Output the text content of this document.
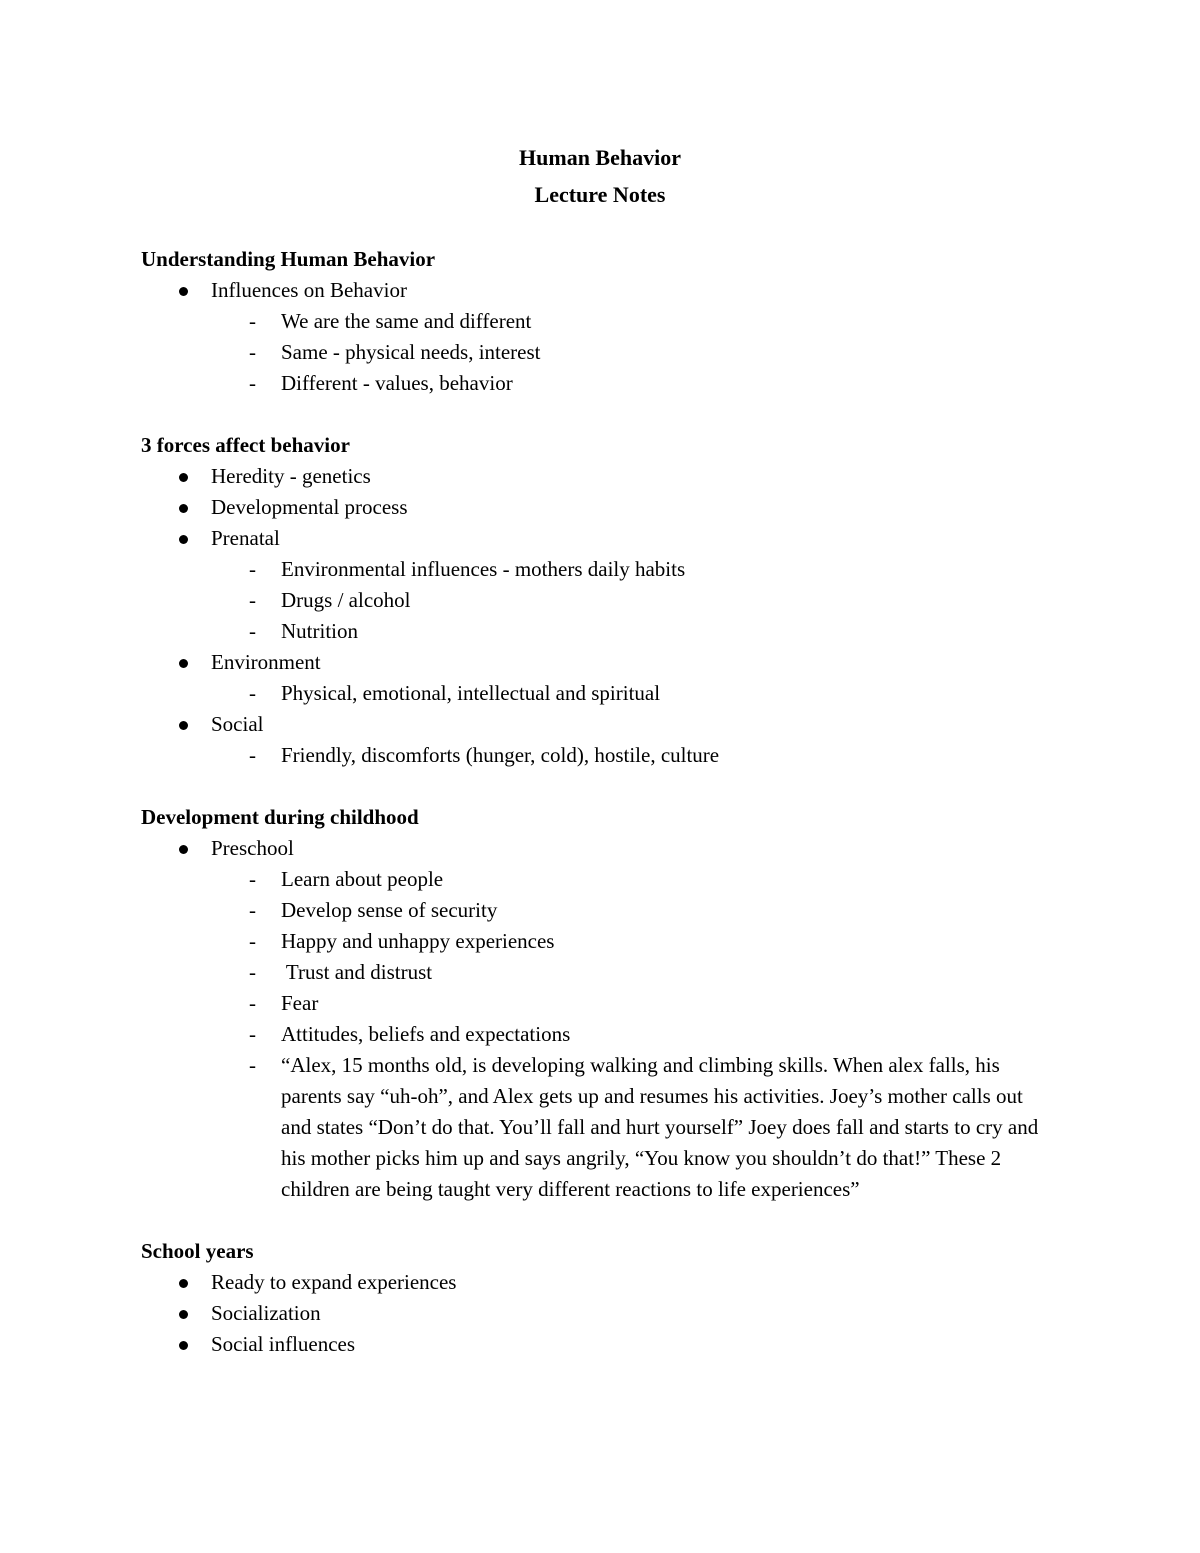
Human Behavior
Lecture Notes
Understanding Human Behavior
Influences on Behavior
- We are the same and different
- Same - physical needs, interest
- Different - values, behavior
3 forces affect behavior
Heredity - genetics
Developmental process
Prenatal
- Environmental influences - mothers daily habits
- Drugs / alcohol
- Nutrition
Environment
- Physical, emotional, intellectual and spiritual
Social
- Friendly, discomforts (hunger, cold), hostile, culture
Development during childhood
Preschool
- Learn about people
- Develop sense of security
- Happy and unhappy experiences
- Trust and distrust
- Fear
- Attitudes, beliefs and expectations
- “Alex, 15 months old, is developing walking and climbing skills. When alex falls, his parents say “uh-oh”, and Alex gets up and resumes his activities. Joey’s mother calls out and states “Don’t do that. You’ll fall and hurt yourself” Joey does fall and starts to cry and his mother picks him up and says angrily, “You know you shouldn’t do that!” These 2 children are being taught very different reactions to life experiences”
School years
Ready to expand experiences
Socialization
Social influences
